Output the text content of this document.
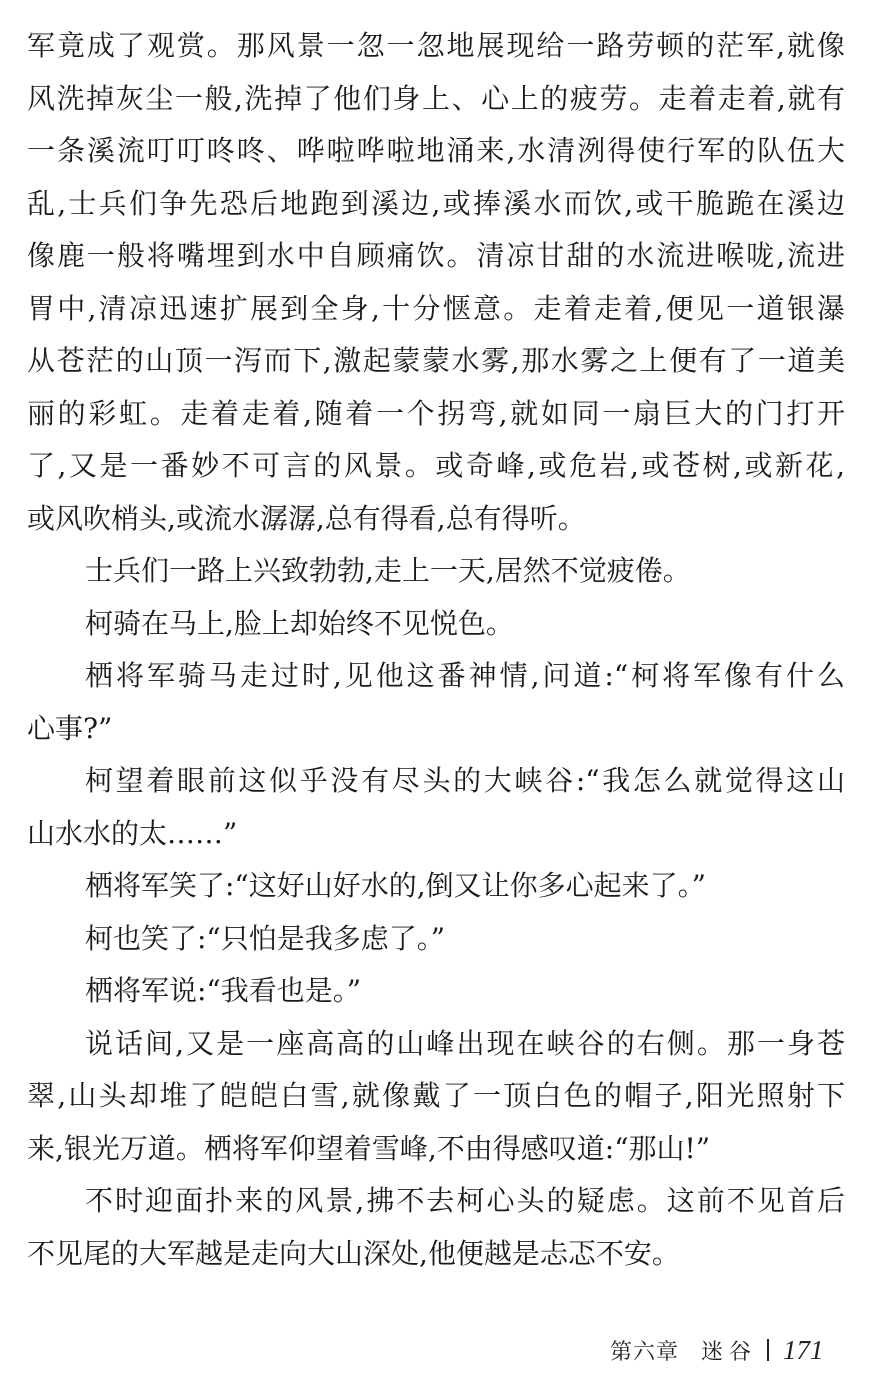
军竟成了观赏。那风景一忽一忽地展现给一路劳顿的茫军,就像
风洗掉灰尘一般,洗掉了他们身上、心上的疲劳。走着走着,就有
一条溪流叮叮咚咚、哗啦哗啦地涌来,水清洌得使行军的队伍大
乱,士兵们争先恐后地跑到溪边,或捧溪水而饮,或干脆跪在溪边
像鹿一般将嘴埋到水中自顾痛饮。清凉甘甜的水流进喉咙,流进
胃中,清凉迅速扩展到全身,十分惬意。走着走着,便见一道银瀑
从苍茫的山顶一泻而下,激起蒙蒙水雾,那水雾之上便有了一道美
丽的彩虹。走着走着,随着一个拐弯,就如同一扇巨大的门打开
了,又是一番妙不可言的风景。或奇峰,或危岩,或苍树,或新花,
或风吹梢头,或流水潺潺,总有得看,总有得听。
士兵们一路上兴致勃勃,走上一天,居然不觉疲倦。
柯骑在马上,脸上却始终不见悦色。
栖将军骑马走过时,见他这番神情,问道:“柯将军像有什么
心事?”
柯望着眼前这似乎没有尽头的大峡谷:“我怎么就觉得这山
山水水的太……”
栖将军笑了:“这好山好水的,倒又让你多心起来了。”
柯也笑了:“只怕是我多虑了。”
栖将军说:“我看也是。”
说话间,又是一座高高的山峰出现在峡谷的右侧。那一身苍
翠,山头却堆了皑皑白雪,就像戴了一顶白色的帽子,阳光照射下
来,银光万道。栖将军仰望着雪峰,不由得感叹道:“那山!”
不时迎面扑来的风景,拂不去柯心头的疑虑。这前不见首后
不见尾的大军越是走向大山深处,他便越是忐忑不安。
第六章 迷谷 171
